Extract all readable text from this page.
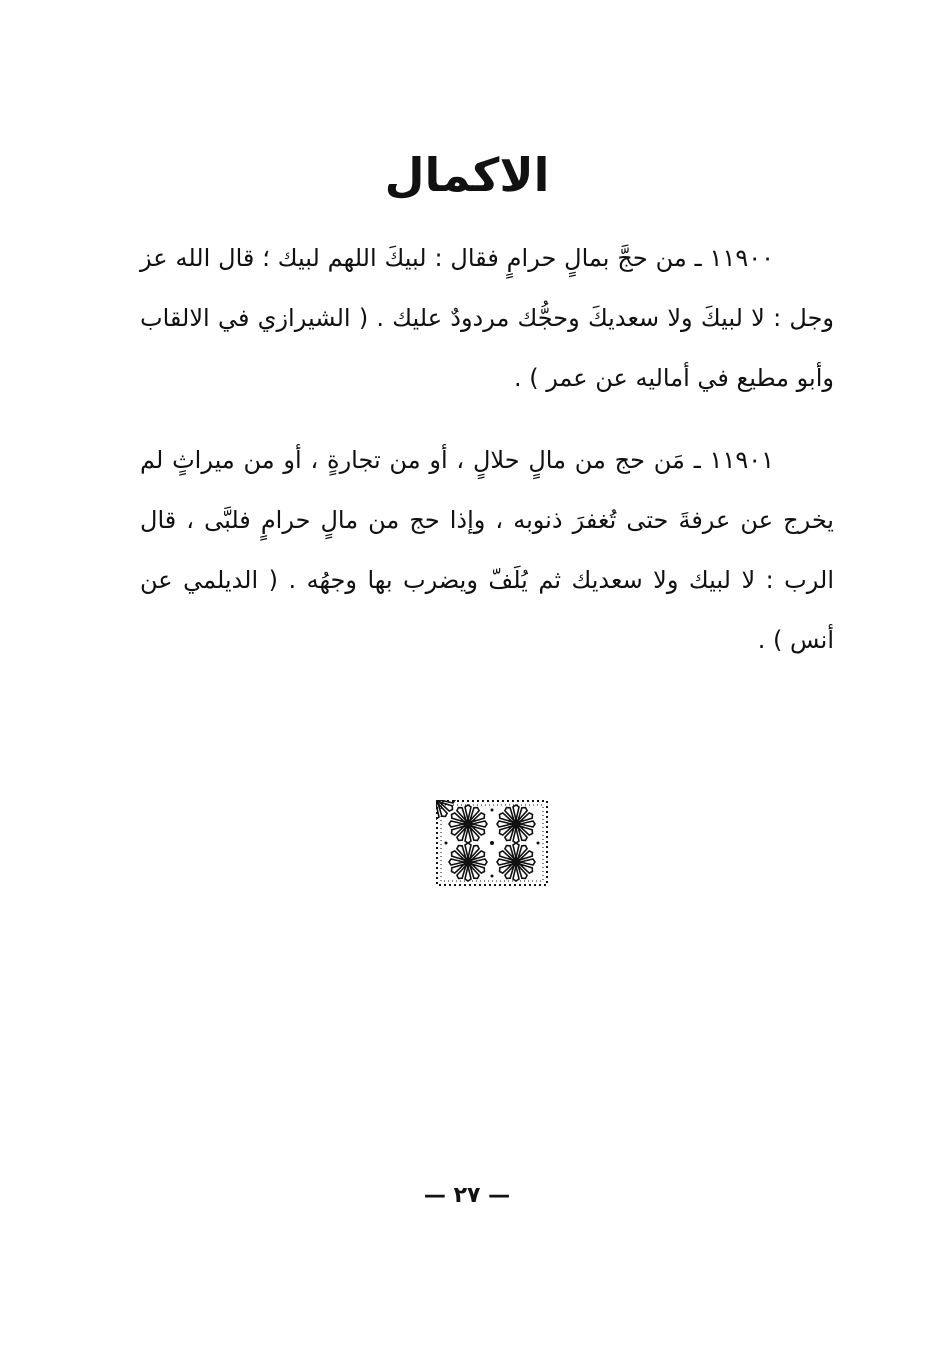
الاكمال

١١٩٠٠ ـ من حجَّ بمالٍ حرامٍ فقال : لبيكَ اللهم لبيك ؛ قال الله عز وجل : لا لبيكَ ولا سعديكَ وحجُّك مردودٌ عليك . ( الشيرازي في الالقاب وأبو مطيع في أماليه عن عمر ) .

١١٩٠١ ـ مَن حج من مالٍ حلالٍ ، أو من تجارةٍ ، أو من ميراثٍ لم يخرج عن عرفةَ حتى تُغفرَ ذنوبه ، وإذا حج من مالٍ حرامٍ فلبَّى ، قال الرب : لا لبيك ولا سعديك ثم يُلَفّ ويضرب بها وجهُه . ( الديلمي عن أنس ) .

— ٢٧ —
